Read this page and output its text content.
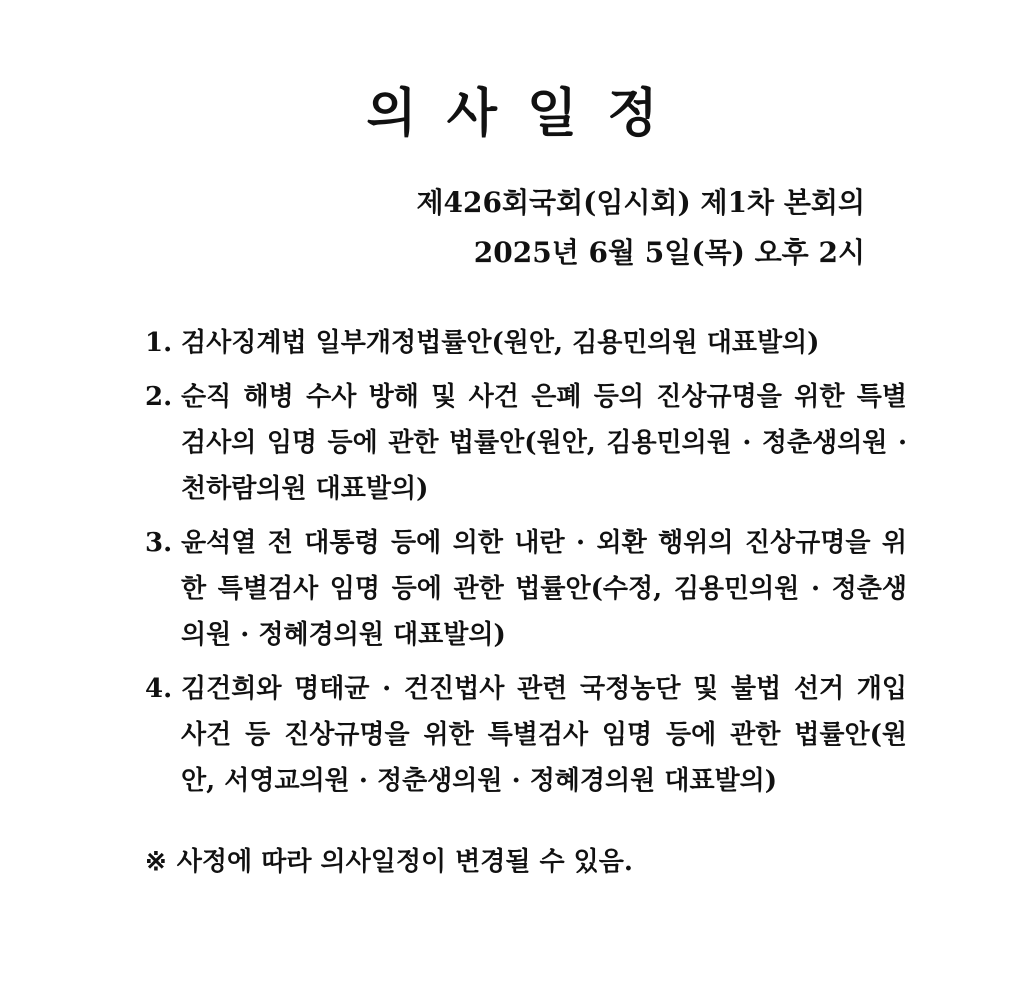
의 사 일 정
제426회국회(임시회) 제1차 본회의
2025년 6월 5일(목) 오후 2시
1. 검사징계법 일부개정법률안(원안, 김용민의원 대표발의)
2. 순직 해병 수사 방해 및 사건 은폐 등의 진상규명을 위한 특별
검사의 임명 등에 관한 법률안(원안, 김용민의원 · 정춘생의원 ·
천하람의원 대표발의)
3. 윤석열 전 대통령 등에 의한 내란 · 외환 행위의 진상규명을 위
한 특별검사 임명 등에 관한 법률안(수정, 김용민의원 · 정춘생
의원 · 정혜경의원 대표발의)
4. 김건희와 명태균 · 건진법사 관련 국정농단 및 불법 선거 개입
사건 등 진상규명을 위한 특별검사 임명 등에 관한 법률안(원
안, 서영교의원 · 정춘생의원 · 정혜경의원 대표발의)
※ 사정에 따라 의사일정이 변경될 수 있음.
